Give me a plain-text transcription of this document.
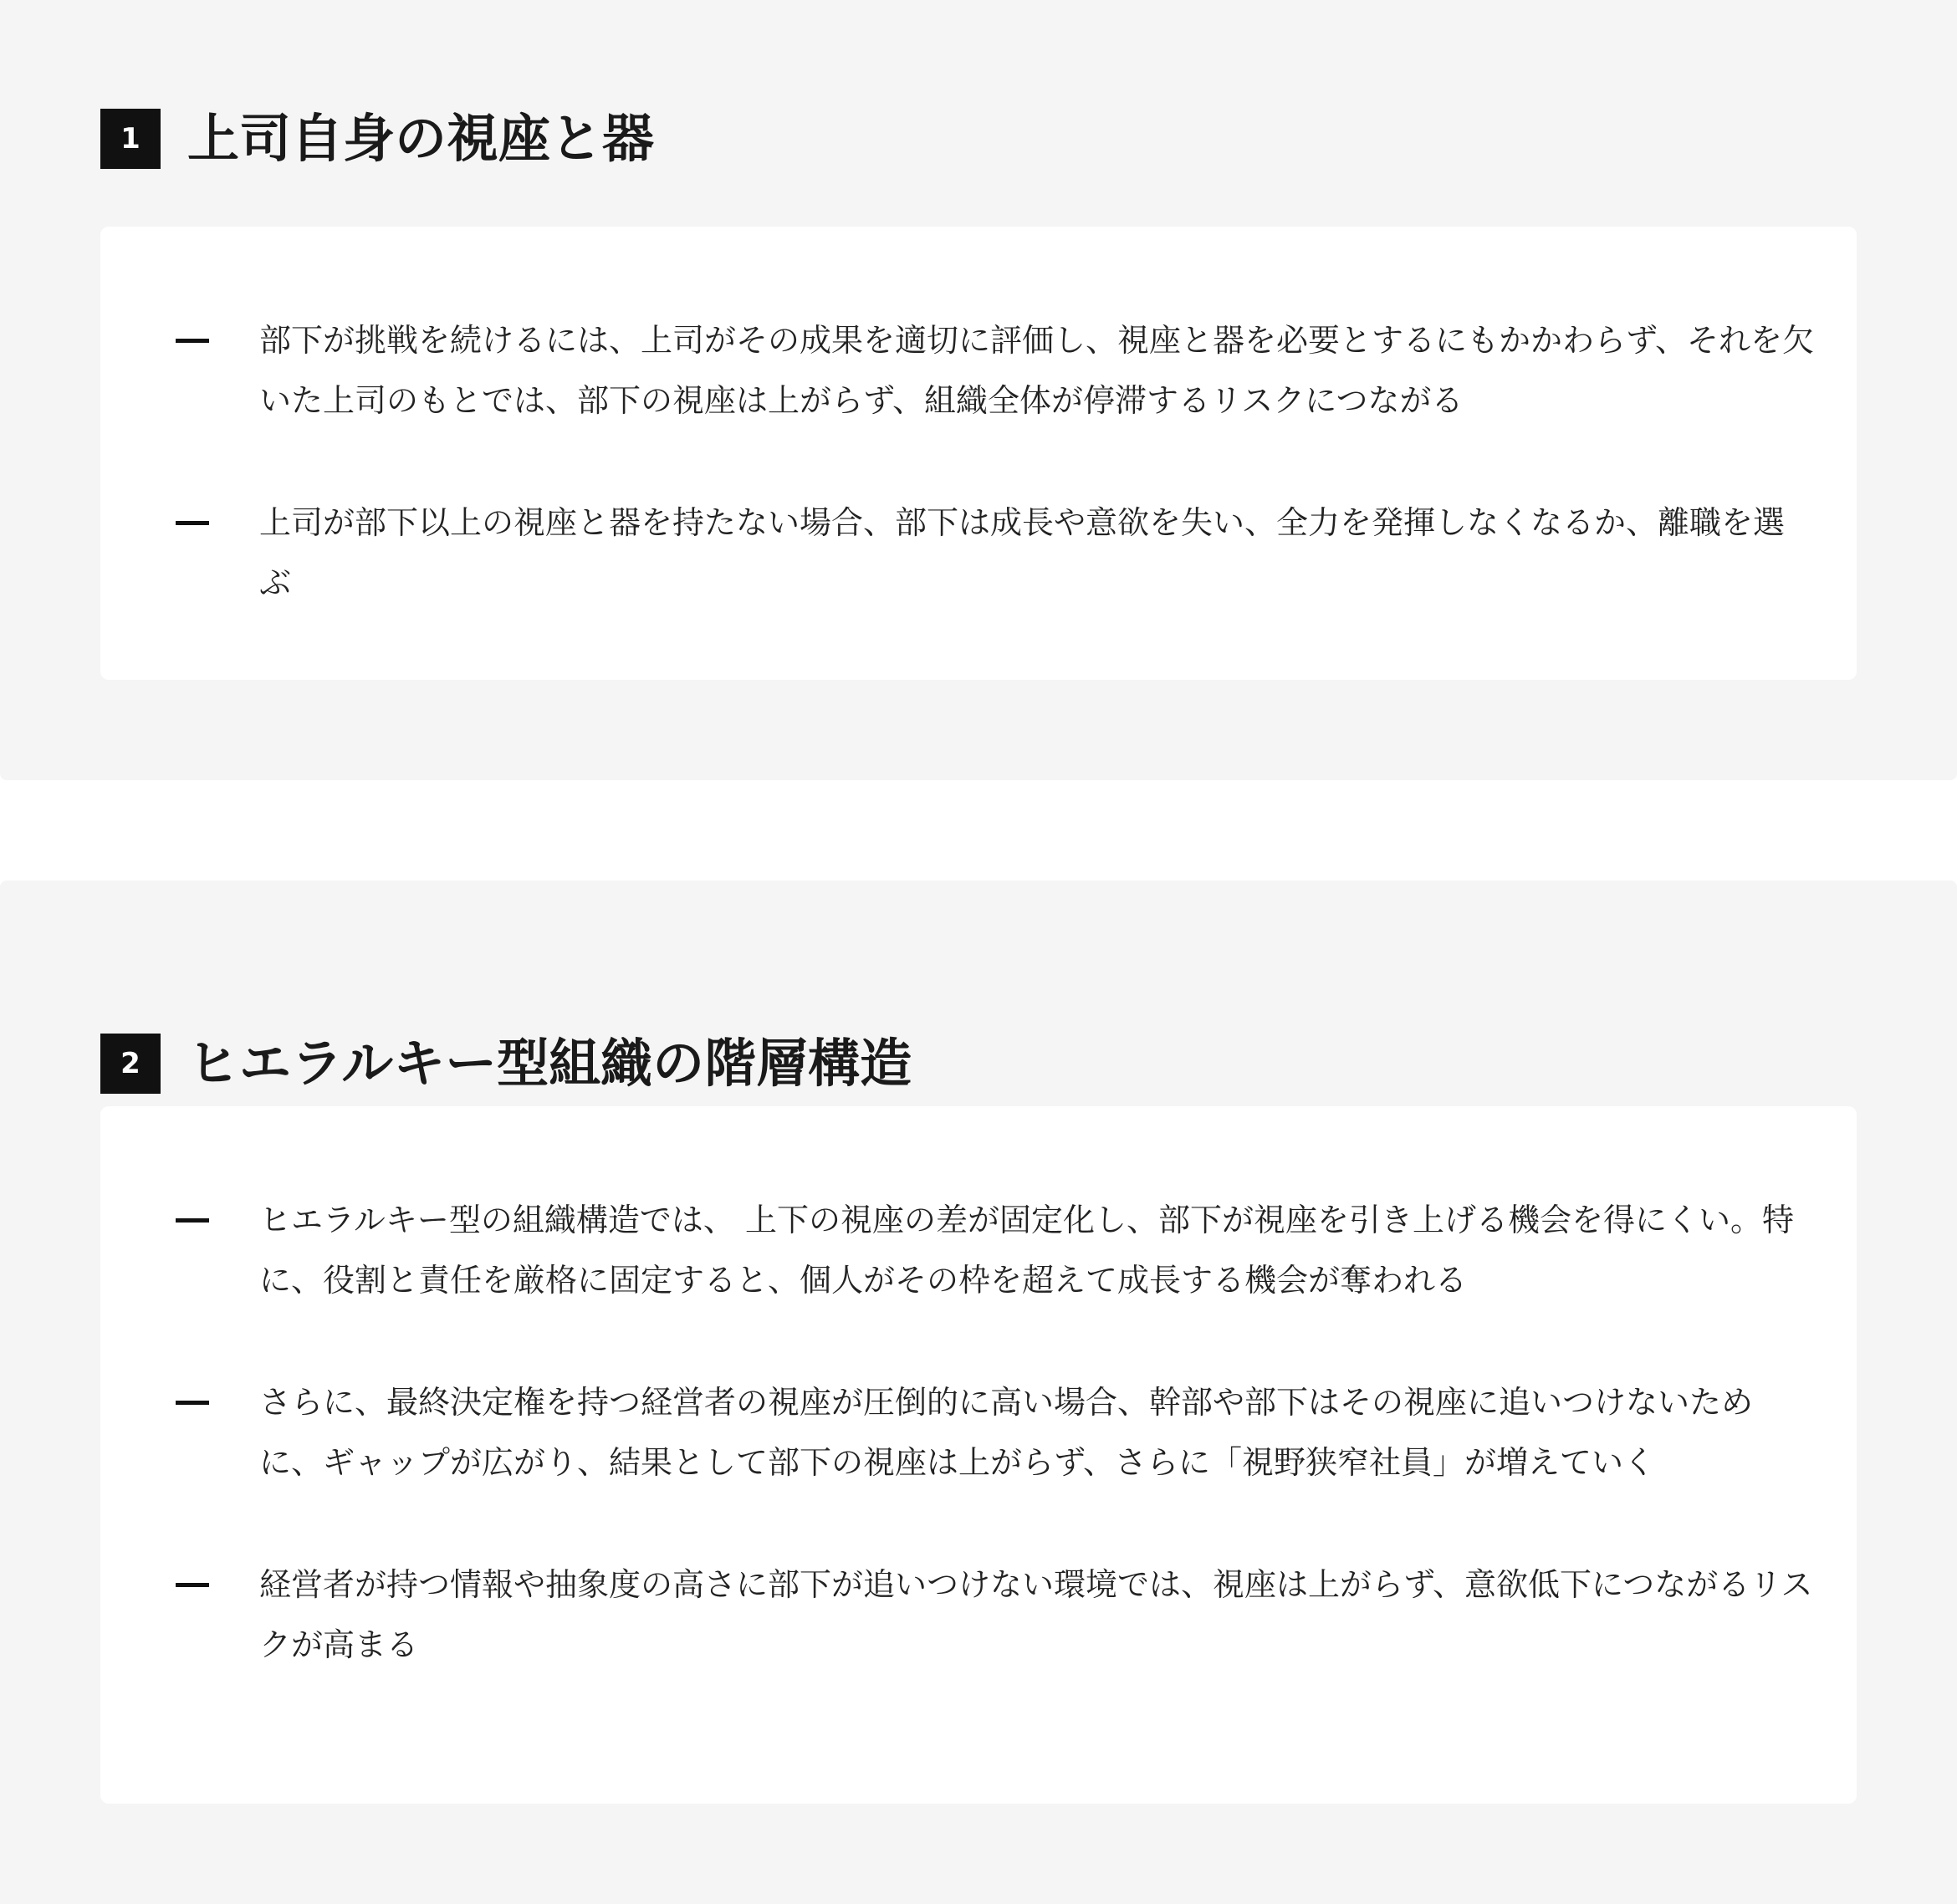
1 上司自身の視座と器
部下が挑戦を続けるには、上司がその成果を適切に評価し、視座と器を必要とするにもかかわらず、それを欠いた上司のもとでは、部下の視座は上がらず、組織全体が停滞するリスクにつながる
上司が部下以上の視座と器を持たない場合、部下は成長や意欲を失い、全力を発揮しなくなるか、離職を選ぶ
2 ヒエラルキー型組織の階層構造
ヒエラルキー型の組織構造では、 上下の視座の差が固定化し、部下が視座を引き上げる機会を得にくい。特に、役割と責任を厳格に固定すると、個人がその枠を超えて成長する機会が奪われる
さらに、最終決定権を持つ経営者の視座が圧倒的に高い場合、幹部や部下はその視座に追いつけないために、ギャップが広がり、結果として部下の視座は上がらず、さらに「視野狭窄社員」が増えていく
経営者が持つ情報や抽象度の高さに部下が追いつけない環境では、視座は上がらず、意欲低下につながるリスクが高まる
